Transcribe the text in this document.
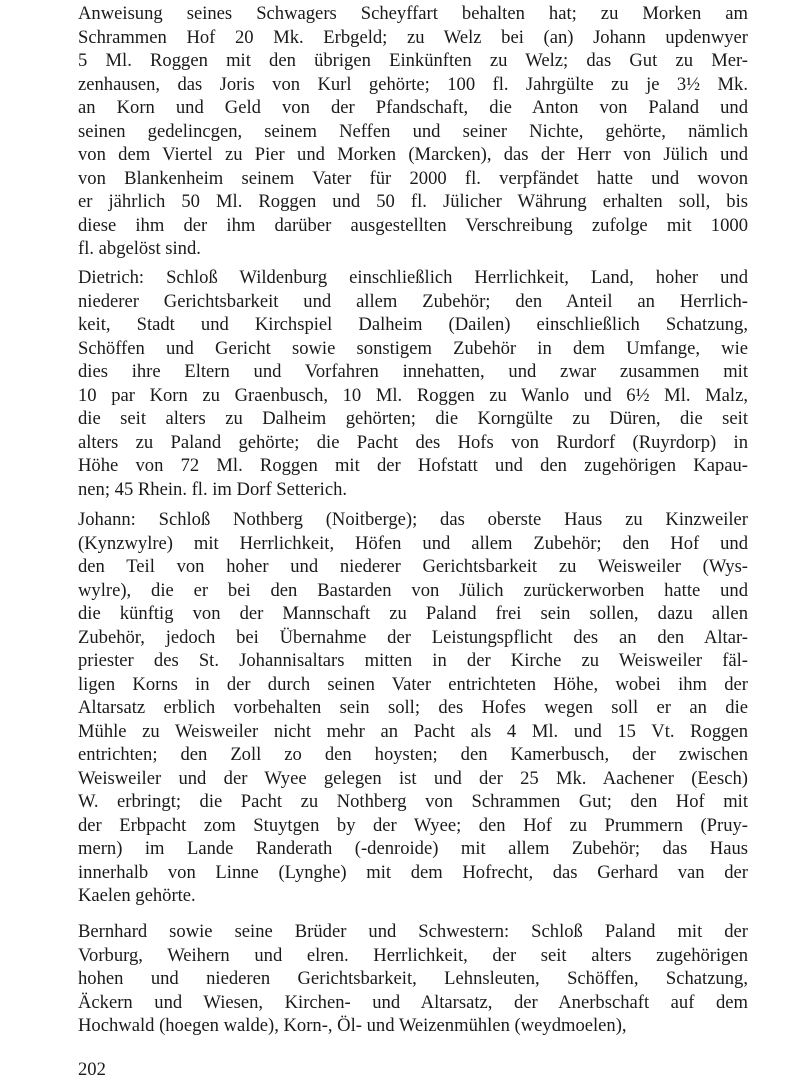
Anweisung seines Schwagers Scheyffart behalten hat; zu Morken am
Schrammen Hof 20 Mk. Erbgeld; zu Welz bei (an) Johann updenwyer
5 Ml. Roggen mit den übrigen Einkünften zu Welz; das Gut zu Mer-
zenhausen, das Joris von Kurl gehörte; 100 fl. Jahrgülte zu je 3½ Mk.
an Korn und Geld von der Pfandschaft, die Anton von Paland und
seinen gedelincgen, seinem Neffen und seiner Nichte, gehörte, nämlich
von dem Viertel zu Pier und Morken (Marcken), das der Herr von Jülich und
von Blankenheim seinem Vater für 2000 fl. verpfändet hatte und wovon
er jährlich 50 Ml. Roggen und 50 fl. Jülicher Währung erhalten soll, bis
diese ihm der ihm darüber ausgestellten Verschreibung zufolge mit 1000
fl. abgelöst sind.
Dietrich: Schloß Wildenburg einschließlich Herrlichkeit, Land, hoher und
niederer Gerichtsbarkeit und allem Zubehör; den Anteil an Herrlich-
keit, Stadt und Kirchspiel Dalheim (Dailen) einschließlich Schatzung,
Schöffen und Gericht sowie sonstigem Zubehör in dem Umfange, wie
dies ihre Eltern und Vorfahren innehatten, und zwar zusammen mit
10 par Korn zu Graenbusch, 10 Ml. Roggen zu Wanlo und 6½ Ml. Malz,
die seit alters zu Dalheim gehörten; die Korngülte zu Düren, die seit
alters zu Paland gehörte; die Pacht des Hofs von Rurdorf (Ruyrdorp) in
Höhe von 72 Ml. Roggen mit der Hofstatt und den zugehörigen Kapau-
nen; 45 Rhein. fl. im Dorf Setterich.
Johann: Schloß Nothberg (Noitberge); das oberste Haus zu Kinzweiler
(Kynzwylre) mit Herrlichkeit, Höfen und allem Zubehör; den Hof und
den Teil von hoher und niederer Gerichtsbarkeit zu Weisweiler (Wys-
wylre), die er bei den Bastarden von Jülich zurückerworben hatte und
die künftig von der Mannschaft zu Paland frei sein sollen, dazu allen
Zubehör, jedoch bei Übernahme der Leistungspflicht des an den Altar-
priester des St. Johannisaltars mitten in der Kirche zu Weisweiler fäl-
ligen Korns in der durch seinen Vater entrichteten Höhe, wobei ihm der
Altarsatz erblich vorbehalten sein soll; des Hofes wegen soll er an die
Mühle zu Weisweiler nicht mehr an Pacht als 4 Ml. und 15 Vt. Roggen
entrichten; den Zoll zo den hoysten; den Kamerbusch, der zwischen
Weisweiler und der Wyee gelegen ist und der 25 Mk. Aachener (Eesch)
W. erbringt; die Pacht zu Nothberg von Schrammen Gut; den Hof mit
der Erbpacht zom Stuytgen by der Wyee; den Hof zu Prummern (Pruy-
mern) im Lande Randerath (-denroide) mit allem Zubehör; das Haus
innerhalb von Linne (Lynghe) mit dem Hofrecht, das Gerhard van der
Kaelen gehörte.
Bernhard sowie seine Brüder und Schwestern: Schloß Paland mit der
Vorburg, Weihern und elren. Herrlichkeit, der seit alters zugehörigen
hohen und niederen Gerichtsbarkeit, Lehnsleuten, Schöffen, Schatzung,
Äckern und Wiesen, Kirchen- und Altarsatz, der Anerbschaft auf dem
Hochwald (hoegen walde), Korn-, Öl- und Weizenmühlen (weydmoelen),
202
